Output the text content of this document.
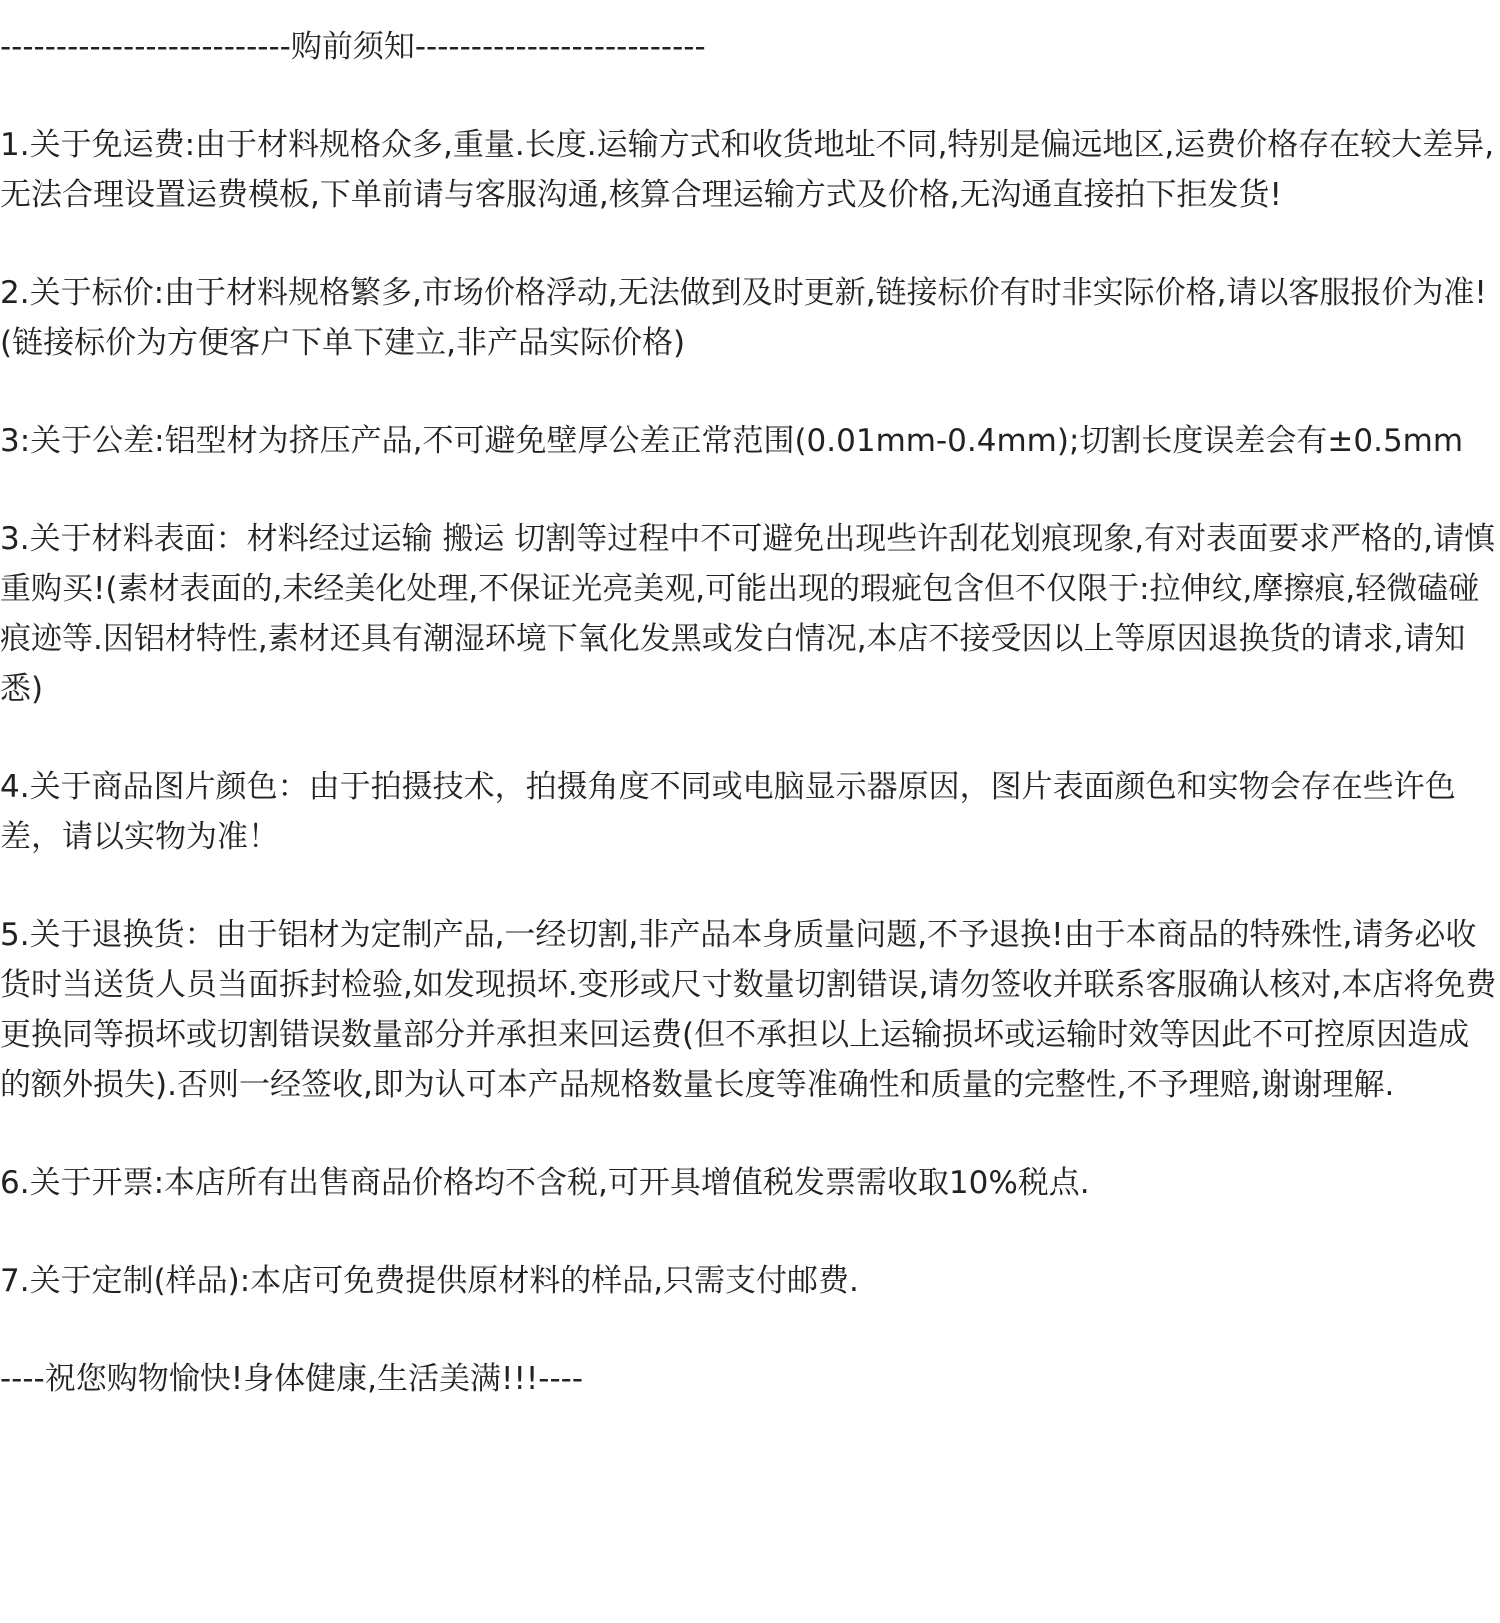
--------------------------购前须知--------------------------

1.关于免运费:由于材料规格众多,重量.长度.运输方式和收货地址不同,特别是偏远地区,运费价格存在较大差异,无法合理设置运费模板,下单前请与客服沟通,核算合理运输方式及价格,无沟通直接拍下拒发货!

2.关于标价:由于材料规格繁多,市场价格浮动,无法做到及时更新,链接标价有时非实际价格,请以客服报价为准!(链接标价为方便客户下单下建立,非产品实际价格)

3:关于公差:铝型材为挤压产品,不可避免壁厚公差正常范围(0.01mm-0.4mm);切割长度误差会有±0.5mm

3.关于材料表面：材料经过运输 搬运 切割等过程中不可避免出现些许刮花划痕现象,有对表面要求严格的,请慎重购买!(素材表面的,未经美化处理,不保证光亮美观,可能出现的瑕疵包含但不仅限于:拉伸纹,摩擦痕,轻微磕碰痕迹等.因铝材特性,素材还具有潮湿环境下氧化发黑或发白情况,本店不接受因以上等原因退换货的请求,请知悉)

4.关于商品图片颜色：由于拍摄技术，拍摄角度不同或电脑显示器原因，图片表面颜色和实物会存在些许色差，请以实物为准！

5.关于退换货：由于铝材为定制产品,一经切割,非产品本身质量问题,不予退换!由于本商品的特殊性,请务必收货时当送货人员当面拆封检验,如发现损坏.变形或尺寸数量切割错误,请勿签收并联系客服确认核对,本店将免费更换同等损坏或切割错误数量部分并承担来回运费(但不承担以上运输损坏或运输时效等因此不可控原因造成的额外损失).否则一经签收,即为认可本产品规格数量长度等准确性和质量的完整性,不予理赔,谢谢理解.

6.关于开票:本店所有出售商品价格均不含税,可开具增值税发票需收取10%税点.

7.关于定制(样品):本店可免费提供原材料的样品,只需支付邮费.

----祝您购物愉快!身体健康,生活美满!!!----
